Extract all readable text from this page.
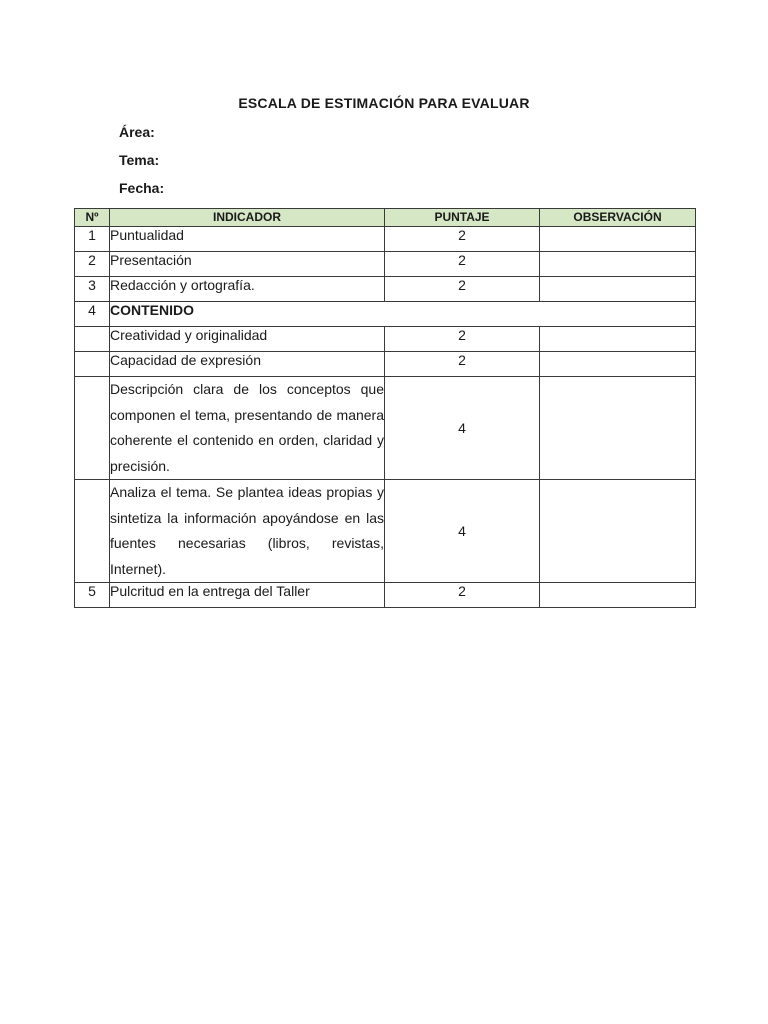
ESCALA DE ESTIMACIÓN PARA EVALUAR
Área:
Tema:
Fecha:
Nº	INDICADOR	PUNTAJE	OBSERVACIÓN
1	Puntualidad	2	
2	Presentación	2	
3	Redacción y ortografía.	2	
4	CONTENIDO		
	Creatividad y originalidad	2	
	Capacidad de expresión	2	
	Descripción clara de los conceptos que componen el tema, presentando de manera coherente el contenido en orden, claridad y precisión.	4	
	Analiza el tema. Se plantea ideas propias y sintetiza la información apoyándose en las fuentes necesarias (libros, revistas, Internet).	4	
5	Pulcritud en la entrega del Taller	2	
